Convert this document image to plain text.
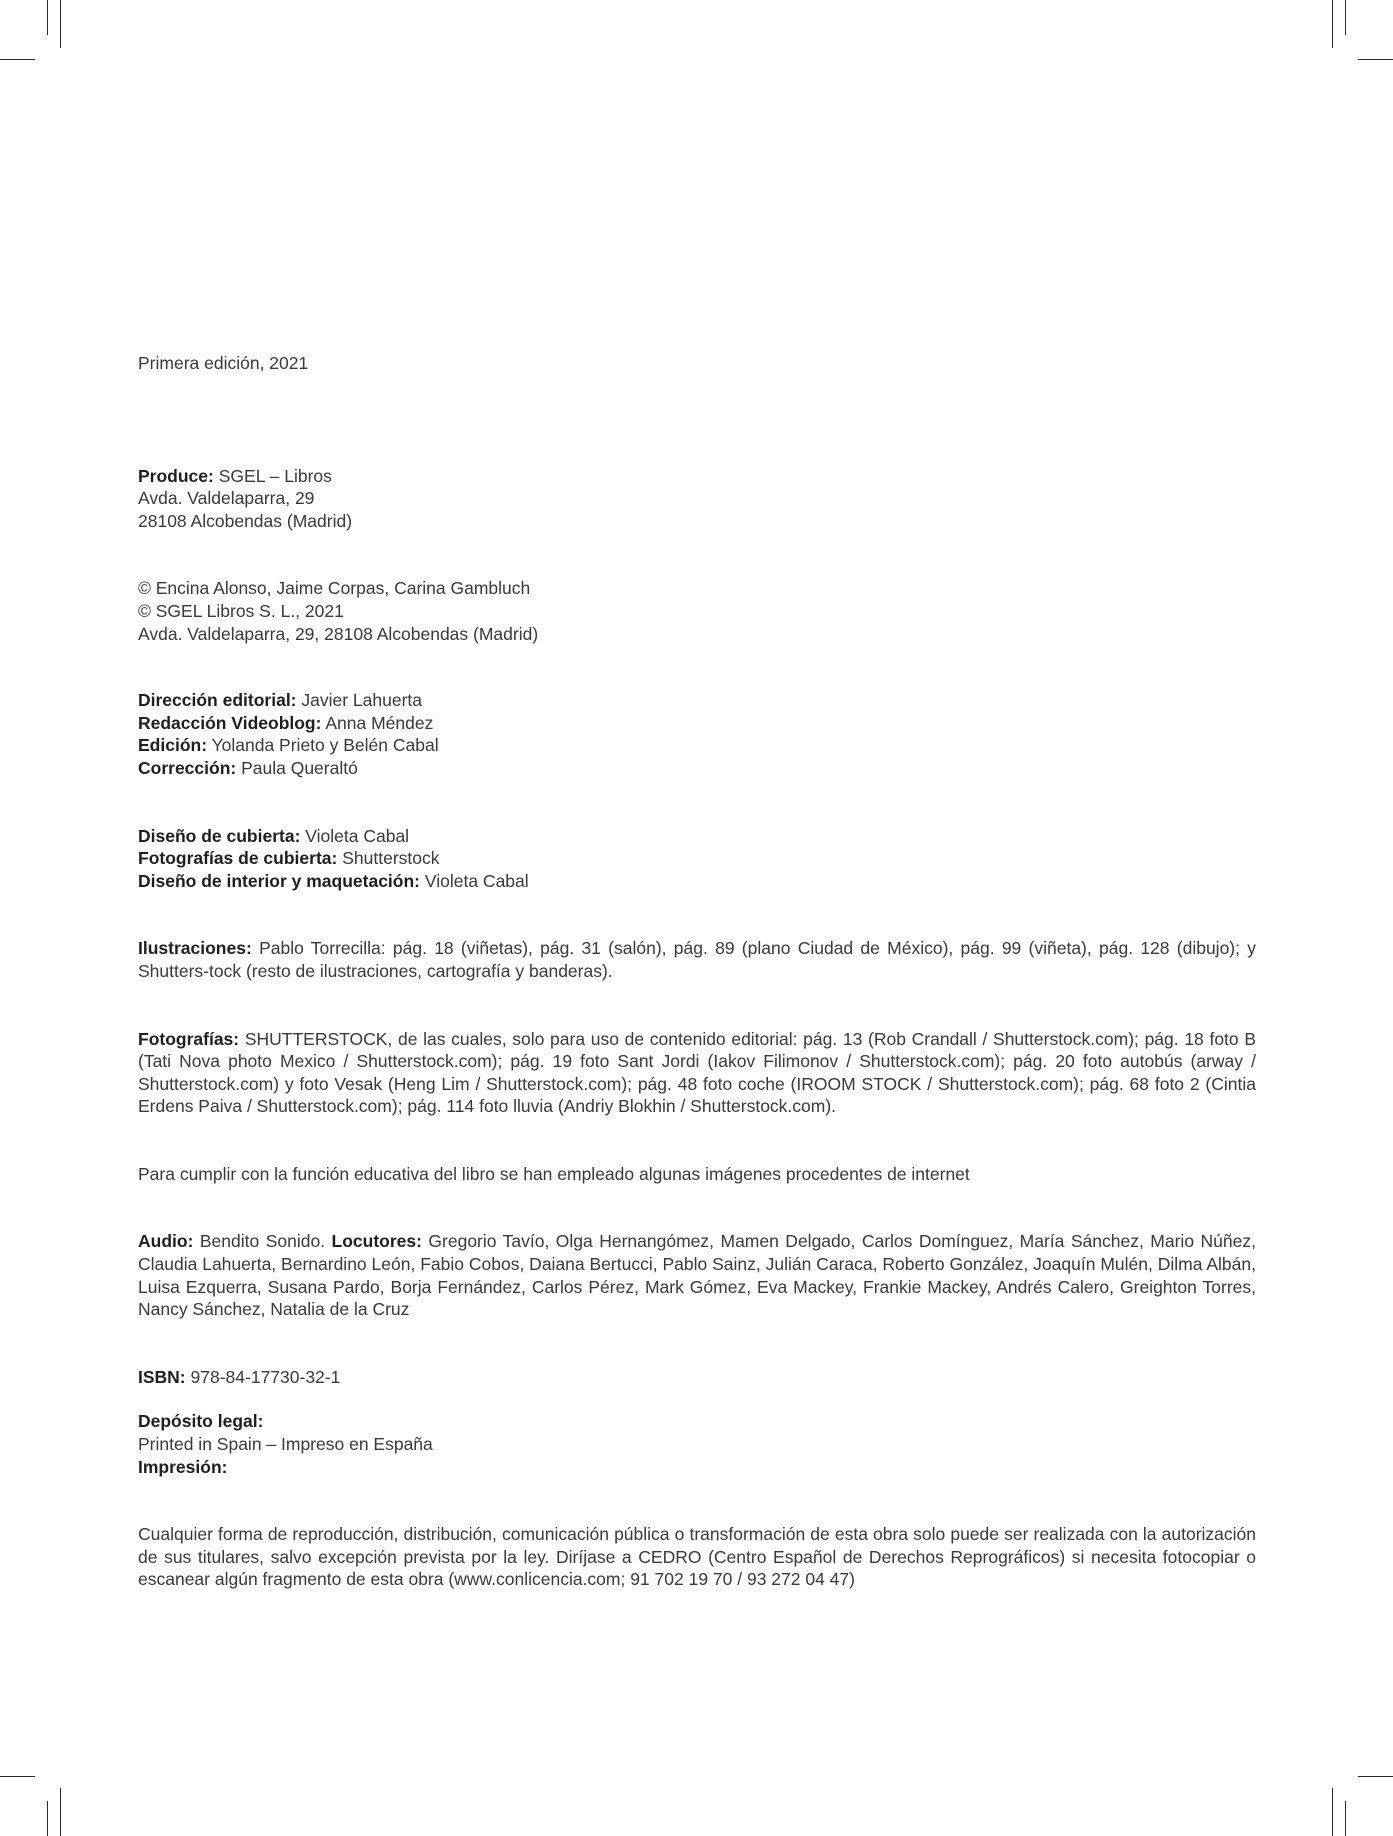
Primera edición, 2021

Produce: SGEL – Libros

Avda. Valdelaparra, 29

28108 Alcobendas (Madrid)

© Encina Alonso, Jaime Corpas, Carina Gambluch

© SGEL Libros S. L., 2021

Avda. Valdelaparra, 29, 28108 Alcobendas (Madrid)

Dirección editorial: Javier Lahuerta

Redacción Videoblog: Anna Méndez

Edición: Yolanda Prieto y Belén Cabal

Corrección: Paula Queraltó

Diseño de cubierta: Violeta Cabal

Fotografías de cubierta: Shutterstock

Diseño de interior y maquetación: Violeta Cabal

Ilustraciones: Pablo Torrecilla: pág. 18 (viñetas), pág. 31 (salón), pág. 89 (plano Ciudad de México), pág. 99 (viñeta), pág. 128 (dibujo); y Shutters-tock (resto de ilustraciones, cartografía y banderas).

Fotografías: SHUTTERSTOCK, de las cuales, solo para uso de contenido editorial: pág. 13 (Rob Crandall / Shutterstock.com); pág. 18 foto B (Tati Nova photo Mexico / Shutterstock.com); pág. 19 foto Sant Jordi (Iakov Filimonov / Shutterstock.com); pág. 20 foto autobús (arway / Shutterstock.com) y foto Vesak (Heng Lim / Shutterstock.com); pág. 48 foto coche (IROOM STOCK / Shutterstock.com); pág. 68 foto 2 (Cintia Erdens Paiva / Shutterstock.com); pág. 114 foto lluvia (Andriy Blokhin / Shutterstock.com).

Para cumplir con la función educativa del libro se han empleado algunas imágenes procedentes de internet

Audio: Bendito Sonido. Locutores: Gregorio Tavío, Olga Hernangómez, Mamen Delgado, Carlos Domínguez, María Sánchez, Mario Núñez, Claudia Lahuerta, Bernardino León, Fabio Cobos, Daiana Bertucci, Pablo Sainz, Julián Caraca, Roberto González, Joaquín Mulén, Dilma Albán, Luisa Ezquerra, Susana Pardo, Borja Fernández, Carlos Pérez, Mark Gómez, Eva Mackey, Frankie Mackey, Andrés Calero, Greighton Torres, Nancy Sánchez, Natalia de la Cruz

ISBN: 978-84-17730-32-1

Depósito legal:

Printed in Spain – Impreso en España

Impresión:

Cualquier forma de reproducción, distribución, comunicación pública o transformación de esta obra solo puede ser realizada con la autorización de sus titulares, salvo excepción prevista por la ley. Diríjase a CEDRO (Centro Español de Derechos Reprográficos) si necesita fotocopiar o escanear algún fragmento de esta obra (www.conlicencia.com; 91 702 19 70 / 93 272 04 47)
